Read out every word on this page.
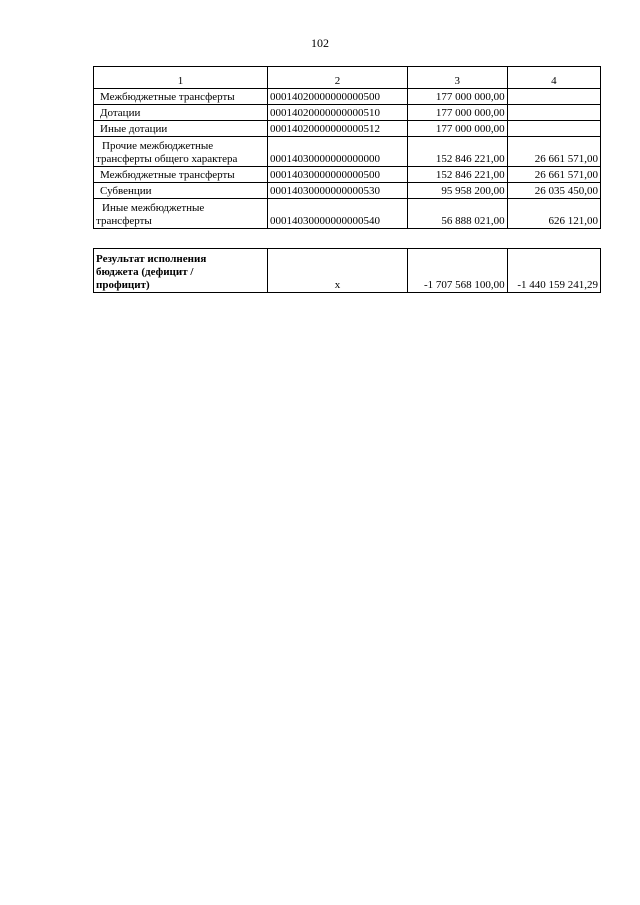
102
1	2	3	4
Межбюджетные трансферты	00014020000000000500	177 000 000,00	
Дотации	00014020000000000510	177 000 000,00	
Иные дотации	00014020000000000512	177 000 000,00	

Прочие межбюджетные
трансферты общего характера	00014030000000000000	152 846 221,00	26 661 571,00
Межбюджетные трансферты	00014030000000000500	152 846 221,00	26 661 571,00
Субвенции	00014030000000000530	95 958 200,00	26 035 450,00

Иные межбюджетные
трансферты	00014030000000000540	56 888 021,00	626 121,00
Результат исполнения
бюджета (дефицит /
профицит)	x	-1 707 568 100,00	-1 440 159 241,29
